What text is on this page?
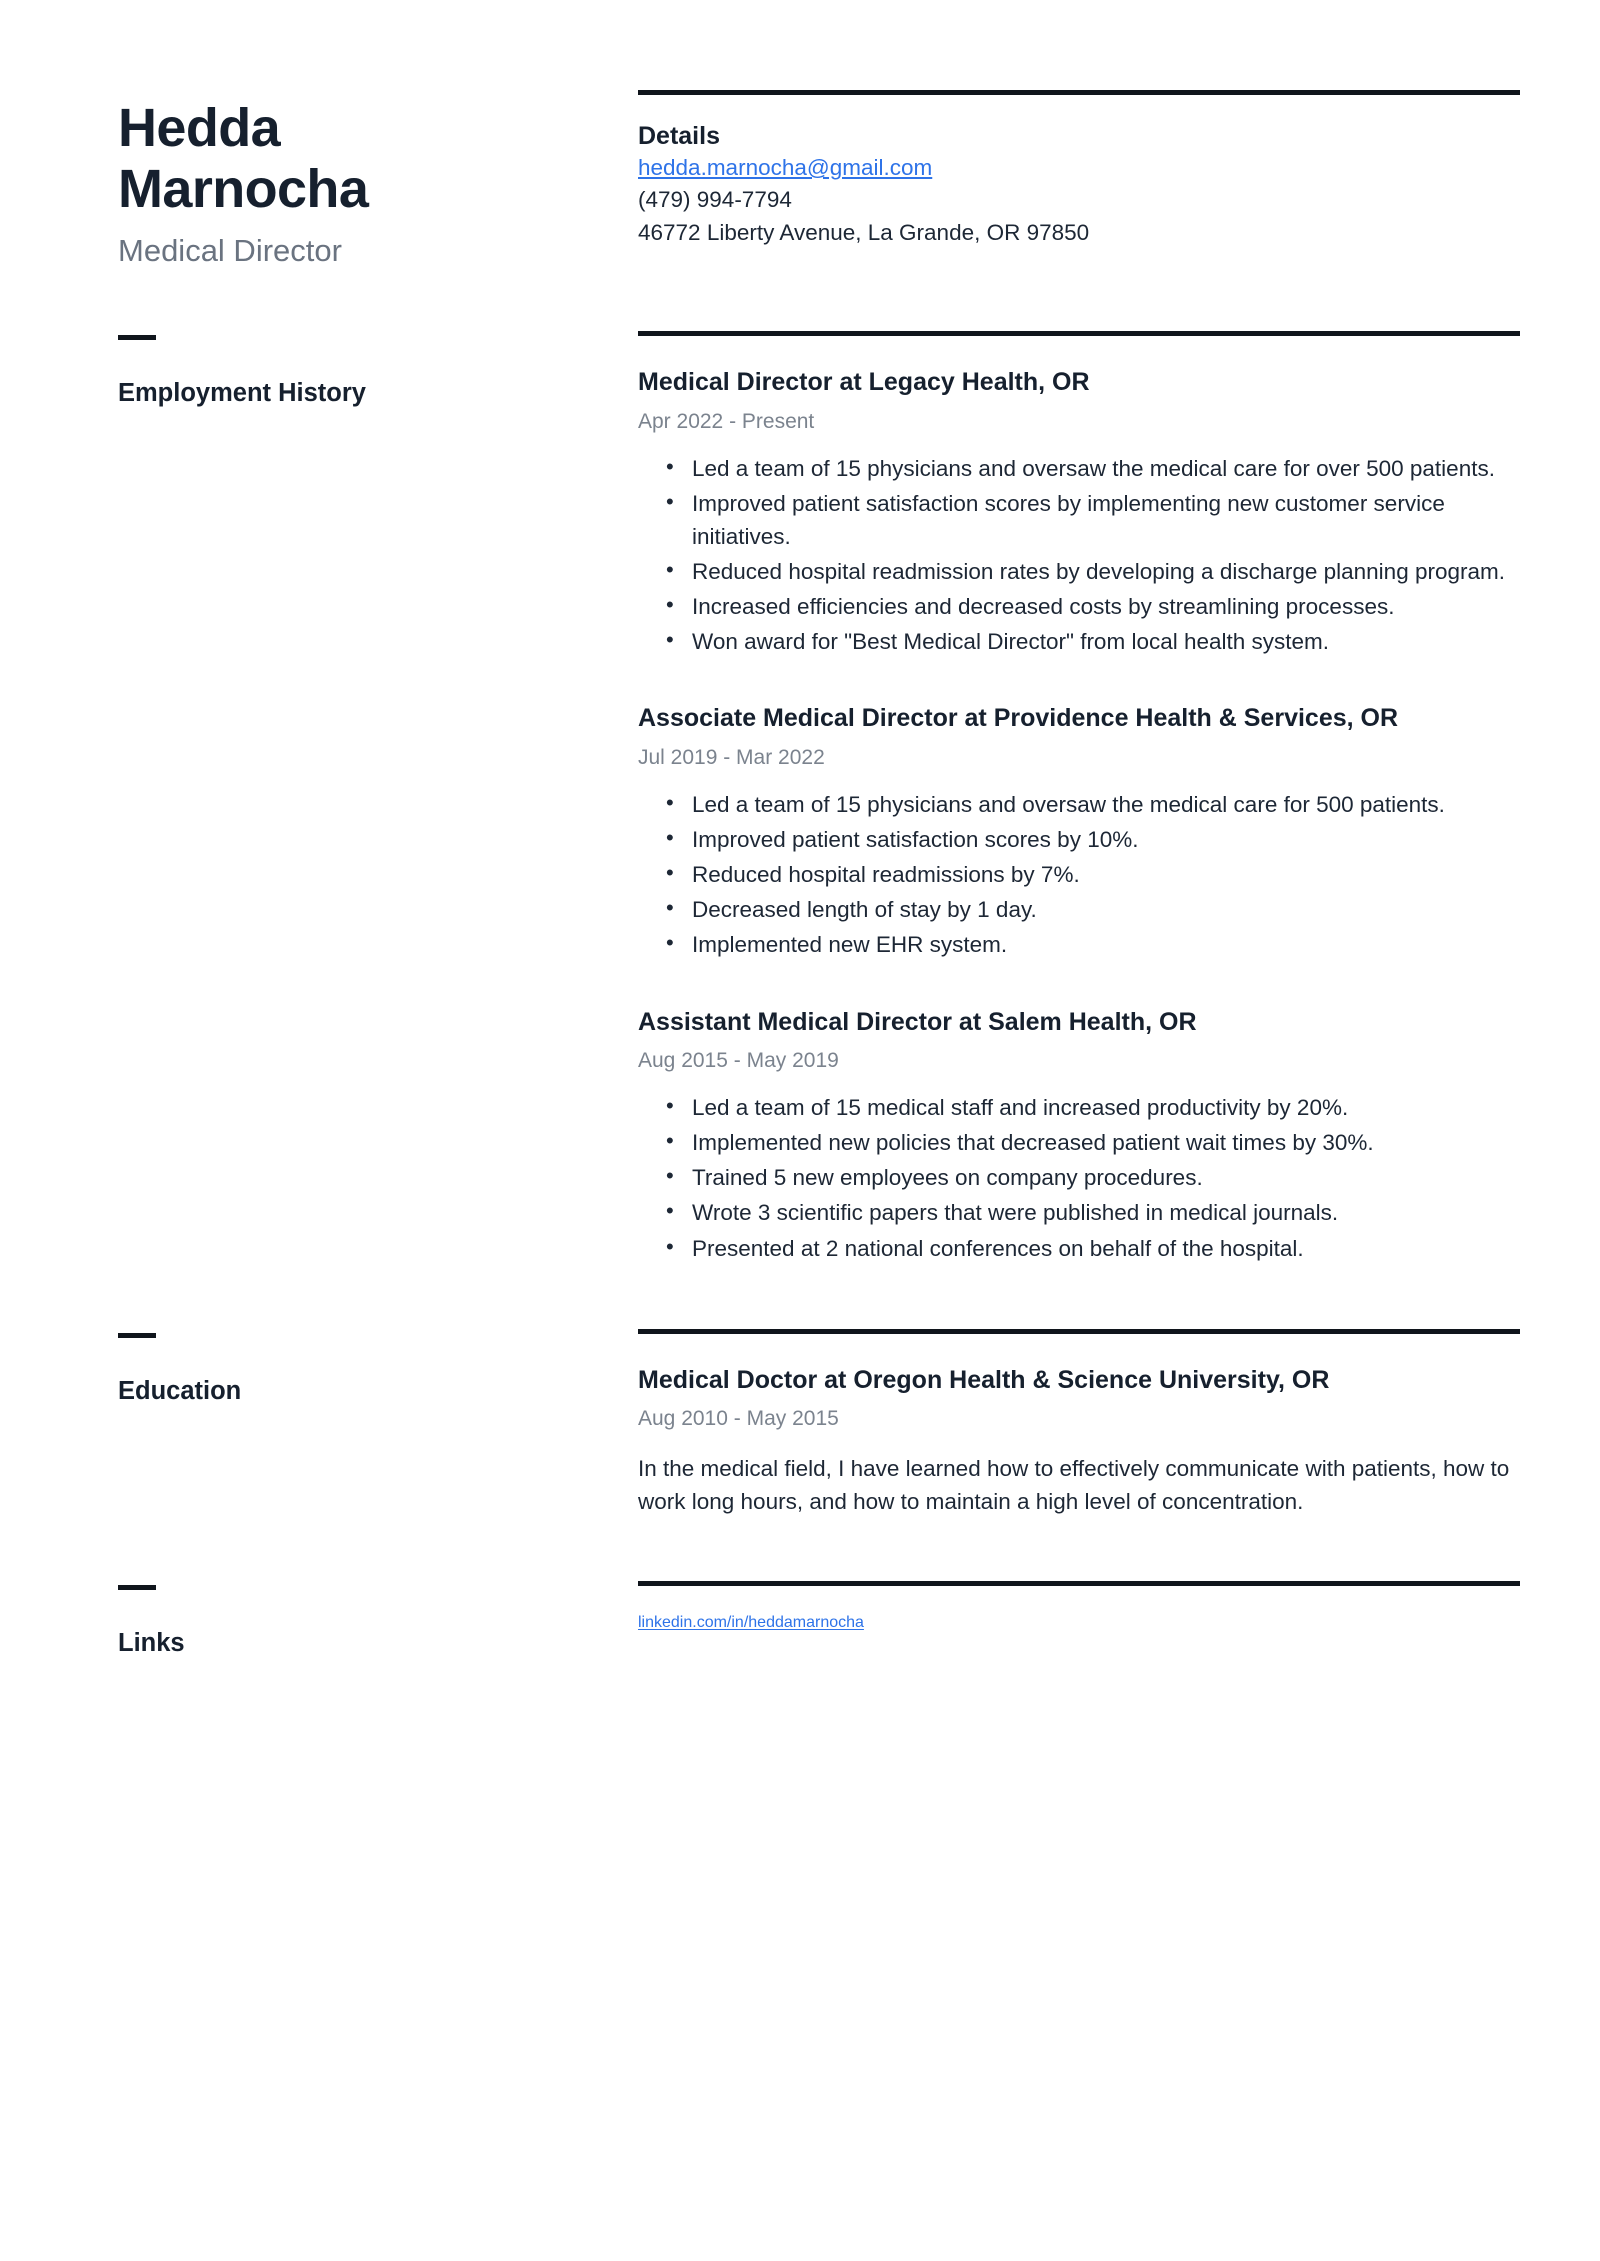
Hedda
Marnocha
Medical Director
Details
hedda.marnocha@gmail.com
(479) 994-7794
46772 Liberty Avenue, La Grande, OR 97850
Employment History	Medical Director at Legacy Health, OR
Apr 2022 - Present
• Led a team of 15 physicians and oversaw the medical care for over 500 patients.
• Improved patient satisfaction scores by implementing new customer service initiatives.
• Reduced hospital readmission rates by developing a discharge planning program.
• Increased efficiencies and decreased costs by streamlining processes.
• Won award for "Best Medical Director" from local health system.
Associate Medical Director at Providence Health & Services, OR
Jul 2019 - Mar 2022
• Led a team of 15 physicians and oversaw the medical care for 500 patients.
• Improved patient satisfaction scores by 10%.
• Reduced hospital readmissions by 7%.
• Decreased length of stay by 1 day.
• Implemented new EHR system.
Assistant Medical Director at Salem Health, OR
Aug 2015 - May 2019
• Led a team of 15 medical staff and increased productivity by 20%.
• Implemented new policies that decreased patient wait times by 30%.
• Trained 5 new employees on company procedures.
• Wrote 3 scientific papers that were published in medical journals.
• Presented at 2 national conferences on behalf of the hospital.
Education	Medical Doctor at Oregon Health & Science University, OR
Aug 2010 - May 2015
In the medical field, I have learned how to effectively communicate with patients, how to work long hours, and how to maintain a high level of concentration.
Links
linkedin.com/in/heddamarnocha
